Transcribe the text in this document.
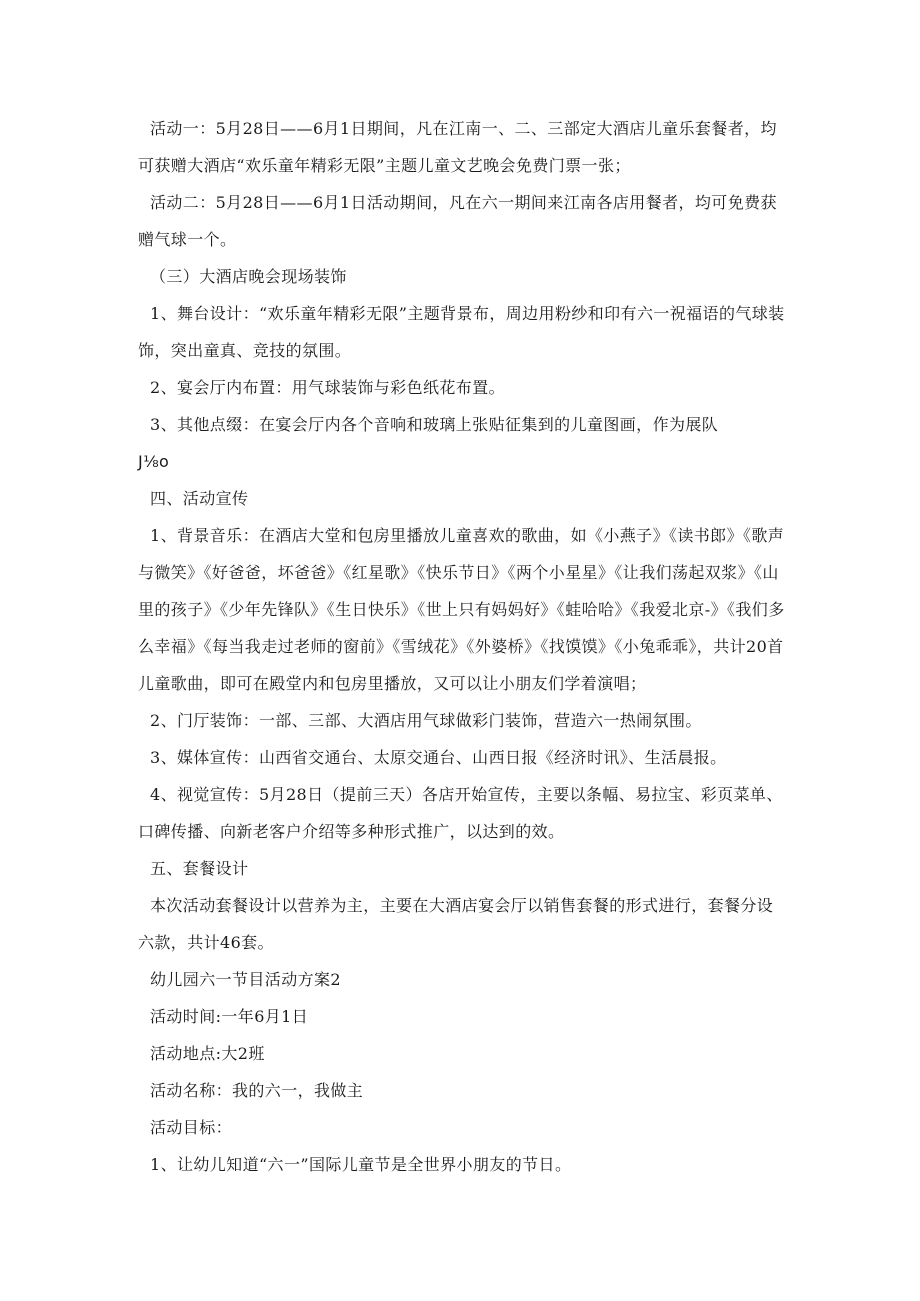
活动一：5月28日——6月1日期间，凡在江南一、二、三部定大酒店儿童乐套餐者，均可获赠大酒店“欢乐童年精彩无限”主题儿童文艺晚会免费门票一张；
活动二：5月28日——6月1日活动期间，凡在六一期间来江南各店用餐者，均可免费获赠气球一个。
（三）大酒店晚会现场装饰
1、舞台设计：“欢乐童年精彩无限”主题背景布，周边用粉纱和印有六一祝福语的气球装饰，突出童真、竞技的氛围。
2、宴会厅内布置：用气球装饰与彩色纸花布置。
3、其他点缀：在宴会厅内各个音响和玻璃上张贴征集到的儿童图画，作为展队
J⅛o
四、活动宣传
1、背景音乐：在酒店大堂和包房里播放儿童喜欢的歌曲，如《小燕子》《读书郎》《歌声与微笑》《好爸爸，坏爸爸》《红星歌》《快乐节日》《两个小星星》《让我们荡起双浆》《山里的孩子》《少年先锋队》《生日快乐》《世上只有妈妈好》《蛙哈哈》《我爱北京-》《我们多么幸福》《每当我走过老师的窗前》《雪绒花》《外婆桥》《找馍馍》《小兔乖乖》，共计20首儿童歌曲，即可在殿堂内和包房里播放，又可以让小朋友们学着演唱；
2、门厅装饰：一部、三部、大酒店用气球做彩门装饰，营造六一热闹氛围。
3、媒体宣传：山西省交通台、太原交通台、山西日报《经济时讯》、生活晨报。
4、视觉宣传：5月28日（提前三天）各店开始宣传，主要以条幅、易拉宝、彩页菜单、口碑传播、向新老客户介绍等多种形式推广，以达到的效。
五、套餐设计
本次活动套餐设计以营养为主，主要在大酒店宴会厅以销售套餐的形式进行，套餐分设六款，共计46套。
幼儿园六一节目活动方案2
活动时间:一年6月1日
活动地点:大2班
活动名称：我的六一，我做主
活动目标：
1、让幼儿知道“六一”国际儿童节是全世界小朋友的节日。
